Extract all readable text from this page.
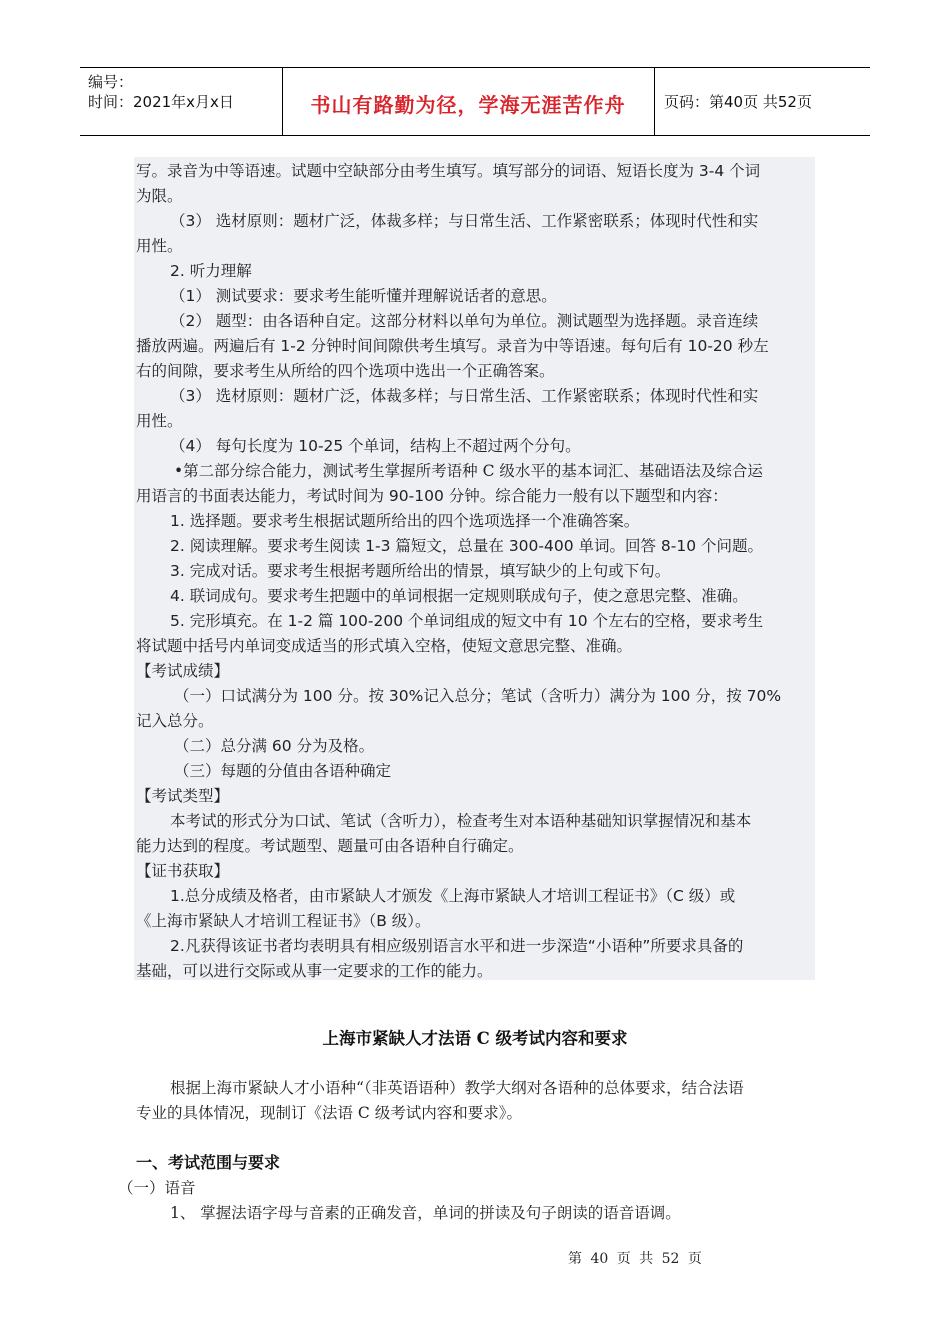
编号：
时间：2021年x月x日	书山有路勤为径，学海无涯苦作舟	页码：第40页 共52页
写。录音为中等语速。试题中空缺部分由考生填写。填写部分的词语、短语长度为 3-4 个词
为限。
（3） 选材原则：题材广泛，体裁多样；与日常生活、工作紧密联系；体现时代性和实
用性。
2. 听力理解
（1） 测试要求：要求考生能听懂并理解说话者的意思。
（2） 题型：由各语种自定。这部分材料以单句为单位。测试题型为选择题。录音连续
播放两遍。两遍后有 1-2 分钟时间间隙供考生填写。录音为中等语速。每句后有 10-20 秒左
右的间隙，要求考生从所给的四个选项中选出一个正确答案。
（3） 选材原则：题材广泛，体裁多样；与日常生活、工作紧密联系；体现时代性和实
用性。
（4） 每句长度为 10-25 个单词，结构上不超过两个分句。
•第二部分综合能力，测试考生掌握所考语种 C 级水平的基本词汇、基础语法及综合运
用语言的书面表达能力，考试时间为 90-100 分钟。综合能力一般有以下题型和内容：
1. 选择题。要求考生根据试题所给出的四个选项选择一个准确答案。
2. 阅读理解。要求考生阅读 1-3 篇短文，总量在 300-400 单词。回答 8-10 个问题。
3. 完成对话。要求考生根据考题所给出的情景，填写缺少的上句或下句。
4. 联词成句。要求考生把题中的单词根据一定规则联成句子，使之意思完整、准确。
5. 完形填充。在 1-2 篇 100-200 个单词组成的短文中有 10 个左右的空格，要求考生
将试题中括号内单词变成适当的形式填入空格，使短文意思完整、准确。
【考试成绩】
（一）口试满分为 100 分。按 30%记入总分；笔试（含听力）满分为 100 分，按 70%
记入总分。
（二）总分满 60 分为及格。
（三）每题的分值由各语种确定
【考试类型】
本考试的形式分为口试、笔试（含听力），检查考生对本语种基础知识掌握情况和基本
能力达到的程度。考试题型、题量可由各语种自行确定。
【证书获取】
1.总分成绩及格者，由市紧缺人才颁发《上海市紧缺人才培训工程证书》（C 级）或
《上海市紧缺人才培训工程证书》（B 级）。
2.凡获得该证书者均表明具有相应级别语言水平和进一步深造“小语种”所要求具备的
基础，可以进行交际或从事一定要求的工作的能力。
上海市紧缺人才法语 C 级考试内容和要求
根据上海市紧缺人才小语种“（非英语语种）教学大纲对各语种的总体要求，结合法语
专业的具体情况，现制订《法语 C 级考试内容和要求》。
一、考试范围与要求
（一）语音
1、 掌握法语字母与音素的正确发音，单词的拼读及句子朗读的语音语调。
第 40 页 共 52 页
